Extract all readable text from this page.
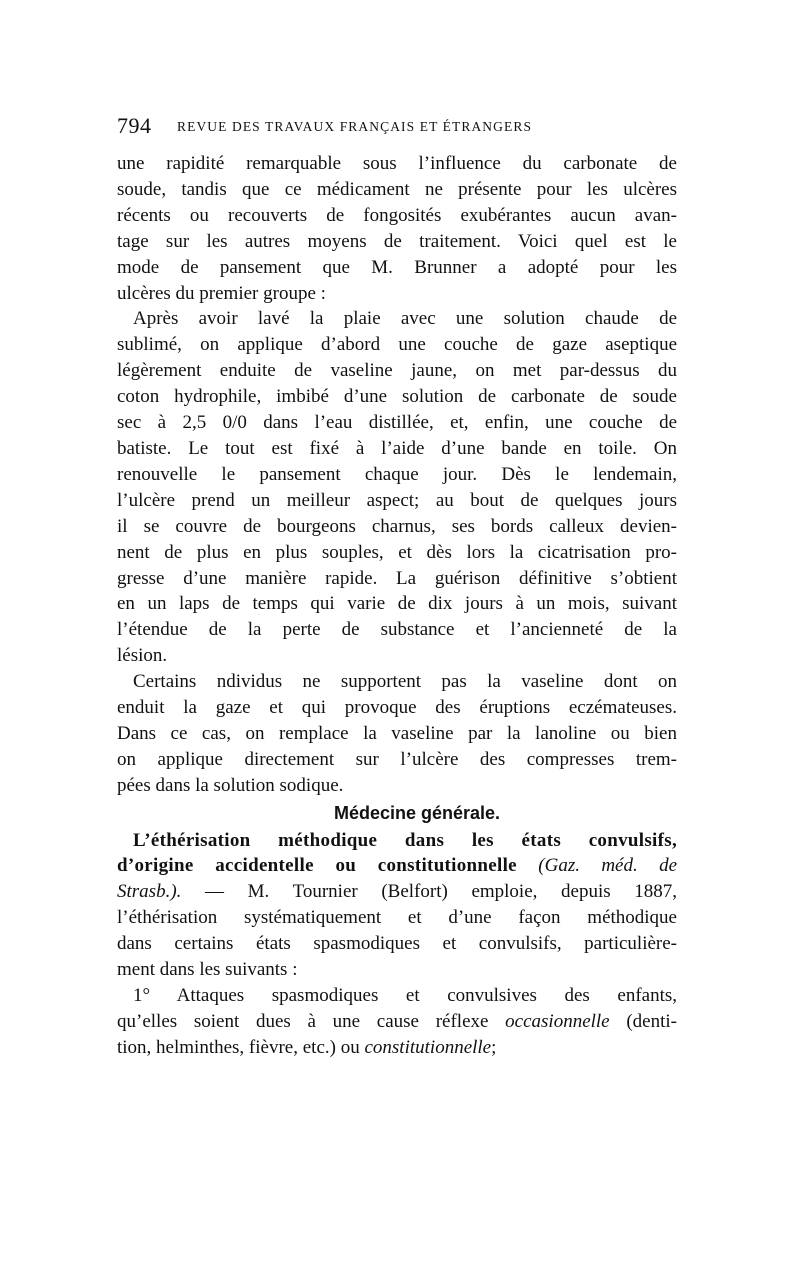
794 REVUE DES TRAVAUX FRANÇAIS ET ÉTRANGERS
une rapidité remarquable sous l’influence du carbonate de
soude, tandis que ce médicament ne présente pour les ulcères
récents ou recouverts de fongosités exubérantes aucun avan-
tage sur les autres moyens de traitement. Voici quel est le
mode de pansement que M. Brunner a adopté pour les
ulcères du premier groupe :
Après avoir lavé la plaie avec une solution chaude de
sublimé, on applique d’abord une couche de gaze aseptique
légèrement enduite de vaseline jaune, on met par-dessus du
coton hydrophile, imbibé d’une solution de carbonate de soude
sec à 2,5 0/0 dans l’eau distillée, et, enfin, une couche de
batiste. Le tout est fixé à l’aide d’une bande en toile. On
renouvelle le pansement chaque jour. Dès le lendemain,
l’ulcère prend un meilleur aspect; au bout de quelques jours
il se couvre de bourgeons charnus, ses bords calleux devien-
nent de plus en plus souples, et dès lors la cicatrisation pro-
gresse d’une manière rapide. La guérison définitive s’obtient
en un laps de temps qui varie de dix jours à un mois, suivant
l’étendue de la perte de substance et l’ancienneté de la
lésion.
Certains ndividus ne supportent pas la vaseline dont on
enduit la gaze et qui provoque des éruptions eczémateuses.
Dans ce cas, on remplace la vaseline par la lanoline ou bien
on applique directement sur l’ulcère des compresses trem-
pées dans la solution sodique.
Médecine générale.
L’éthérisation méthodique dans les états convulsifs,
d’origine accidentelle ou constitutionnelle (Gaz. méd. de
Strasb.). — M. Tournier (Belfort) emploie, depuis 1887,
l’éthérisation systématiquement et d’une façon méthodique
dans certains états spasmodiques et convulsifs, particulière-
ment dans les suivants :
1° Attaques spasmodiques et convulsives des enfants,
qu’elles soient dues à une cause réflexe occasionnelle (denti-
tion, helminthes, fièvre, etc.) ou constitutionnelle;
